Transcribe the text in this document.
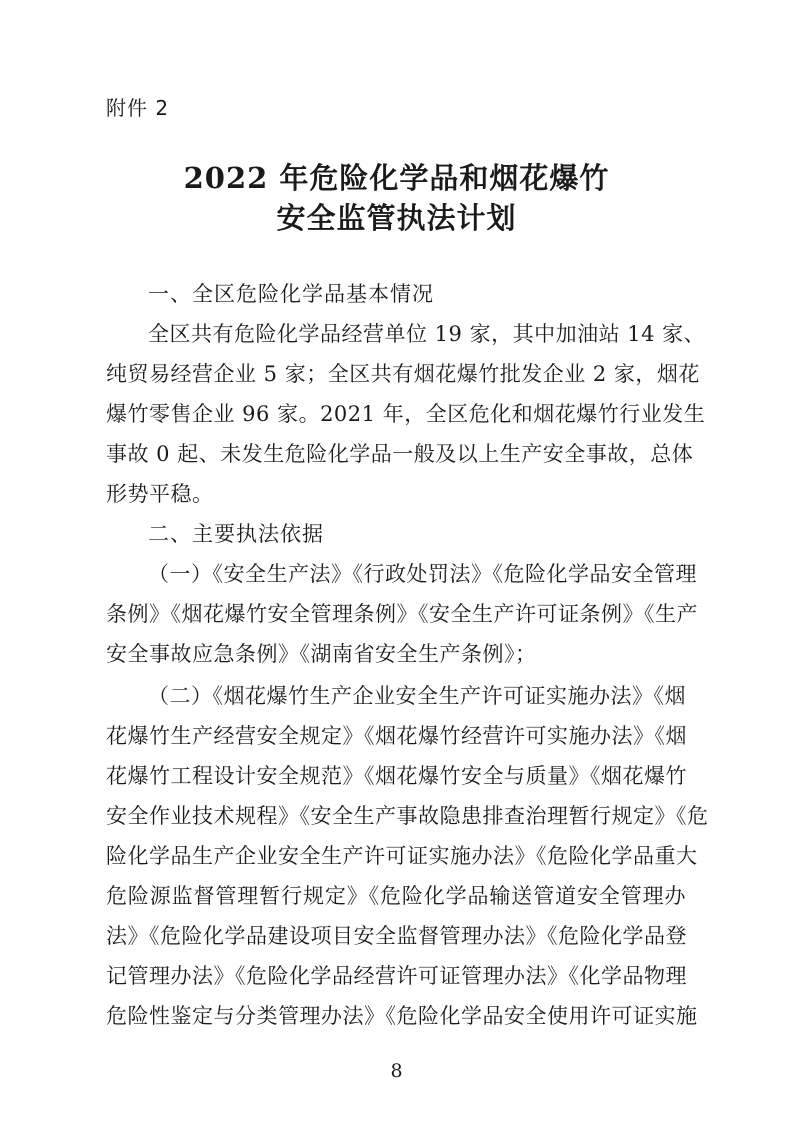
附件 2
2022 年危险化学品和烟花爆竹
安全监管执法计划
一、全区危险化学品基本情况
全区共有危险化学品经营单位 19 家，其中加油站 14 家、
纯贸易经营企业 5 家；全区共有烟花爆竹批发企业 2 家，烟花
爆竹零售企业 96 家。2021 年，全区危化和烟花爆竹行业发生
事故 0 起、未发生危险化学品一般及以上生产安全事故，总体
形势平稳。
二、主要执法依据
（一）《安全生产法》《行政处罚法》《危险化学品安全管理
条例》《烟花爆竹安全管理条例》《安全生产许可证条例》《生产
安全事故应急条例》《湖南省安全生产条例》；
（二）《烟花爆竹生产企业安全生产许可证实施办法》《烟
花爆竹生产经营安全规定》《烟花爆竹经营许可实施办法》《烟
花爆竹工程设计安全规范》《烟花爆竹安全与质量》《烟花爆竹
安全作业技术规程》《安全生产事故隐患排查治理暂行规定》《危
险化学品生产企业安全生产许可证实施办法》《危险化学品重大
危险源监督管理暂行规定》《危险化学品输送管道安全管理办
法》《危险化学品建设项目安全监督管理办法》《危险化学品登
记管理办法》《危险化学品经营许可证管理办法》《化学品物理
危险性鉴定与分类管理办法》《危险化学品安全使用许可证实施
8
